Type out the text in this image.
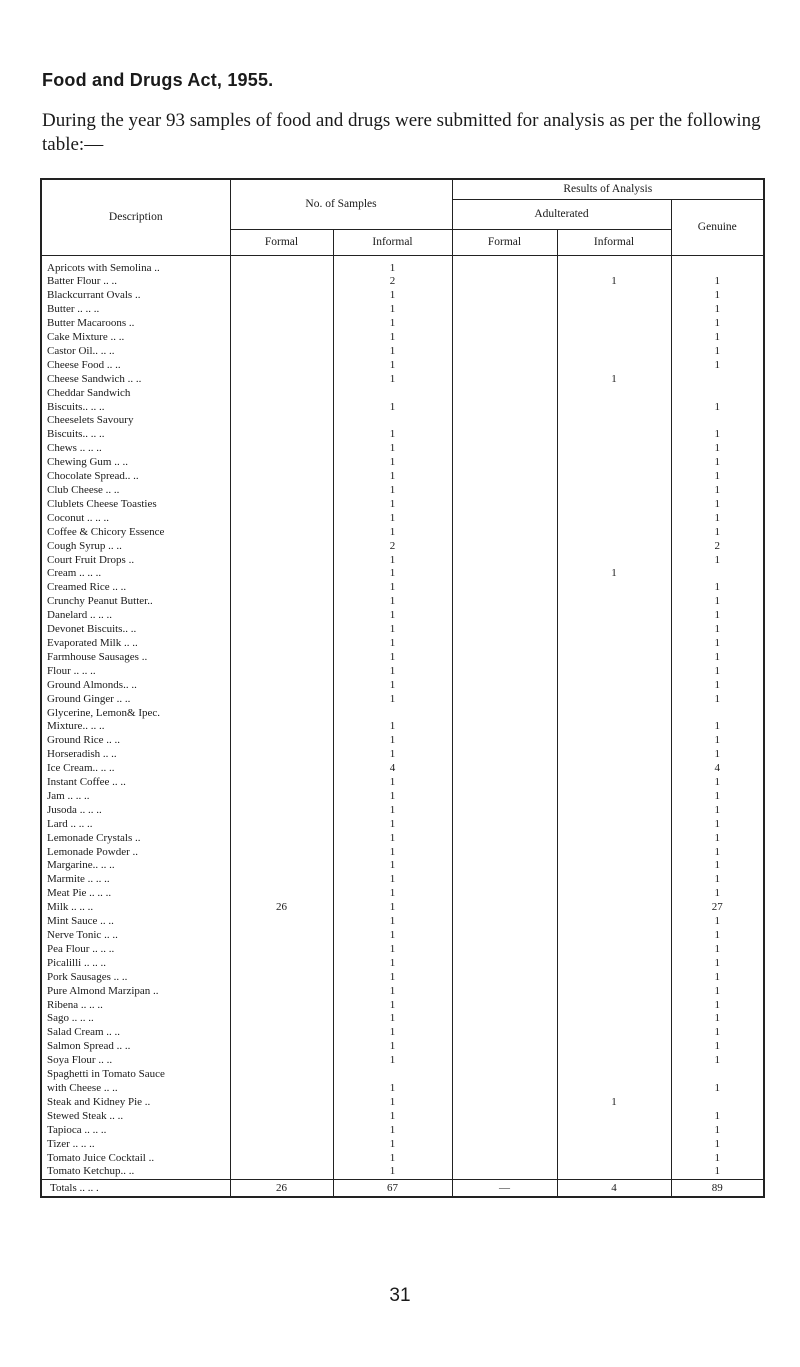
Food and Drugs Act, 1955.
During the year 93 samples of food and drugs were submitted for analysis as per the following table:—
Description	No. of Samples		Results of Analysis		
			Adulterated		Genuine
	Formal	Informal	Formal	Informal	
Apricots with Semolina ..		1			
Batter Flour .. ..		2		1	1
Blackcurrant Ovals ..		1			1
Butter .. .. ..		1			1
Butter Macaroons ..		1			1
Cake Mixture .. ..		1			1
Castor Oil.. .. ..		1			1
Cheese Food .. ..		1			1
Cheese Sandwich .. ..		1		1	
Cheddar Sandwich					
Biscuits.. .. ..		1			1
Cheeselets Savoury					
Biscuits.. .. ..		1			1
Chews .. .. ..		1			1
Chewing Gum .. ..		1			1
Chocolate Spread.. ..		1			1
Club Cheese .. ..		1			1
Clublets Cheese Toasties		1			1
Coconut .. .. ..		1			1
Coffee & Chicory Essence		1			1
Cough Syrup .. ..		2			2
Court Fruit Drops ..		1			1
Cream .. .. ..		1		1	
Creamed Rice .. ..		1			1
Crunchy Peanut Butter..		1			1
Danelard .. .. ..		1			1
Devonet Biscuits.. ..		1			1
Evaporated Milk .. ..		1			1
Farmhouse Sausages ..		1			1
Flour .. .. ..		1			1
Ground Almonds.. ..		1			1
Ground Ginger .. ..		1			1
Glycerine, Lemon& Ipec.					
Mixture.. .. ..		1			1
Ground Rice .. ..		1			1
Horseradish .. ..		1			1
Ice Cream.. .. ..		4			4
Instant Coffee .. ..		1			1
Jam .. .. ..		1			1
Jusoda .. .. ..		1			1
Lard .. .. ..		1			1
Lemonade Crystals ..		1			1
Lemonade Powder ..		1			1
Margarine.. .. ..		1			1
Marmite .. .. ..		1			1
Meat Pie .. .. ..		1			1
Milk .. .. ..	26	1			27
Mint Sauce .. ..		1			1
Nerve Tonic .. ..		1			1
Pea Flour .. .. ..		1			1
Picalilli .. .. ..		1			1
Pork Sausages .. ..		1			1
Pure Almond Marzipan ..		1			1
Ribena .. .. ..		1			1
Sago .. .. ..		1			1
Salad Cream .. ..		1			1
Salmon Spread .. ..		1			1
Soya Flour .. ..		1			1
Spaghetti in Tomato Sauce					
with Cheese .. ..		1			1
Steak and Kidney Pie ..		1		1	
Stewed Steak .. ..		1			1
Tapioca .. .. ..		1			1
Tizer .. .. ..		1			1
Tomato Juice Cocktail ..		1			1
Tomato Ketchup.. ..		1			1
Totals .. .. .	26	67	—	4	89
31
